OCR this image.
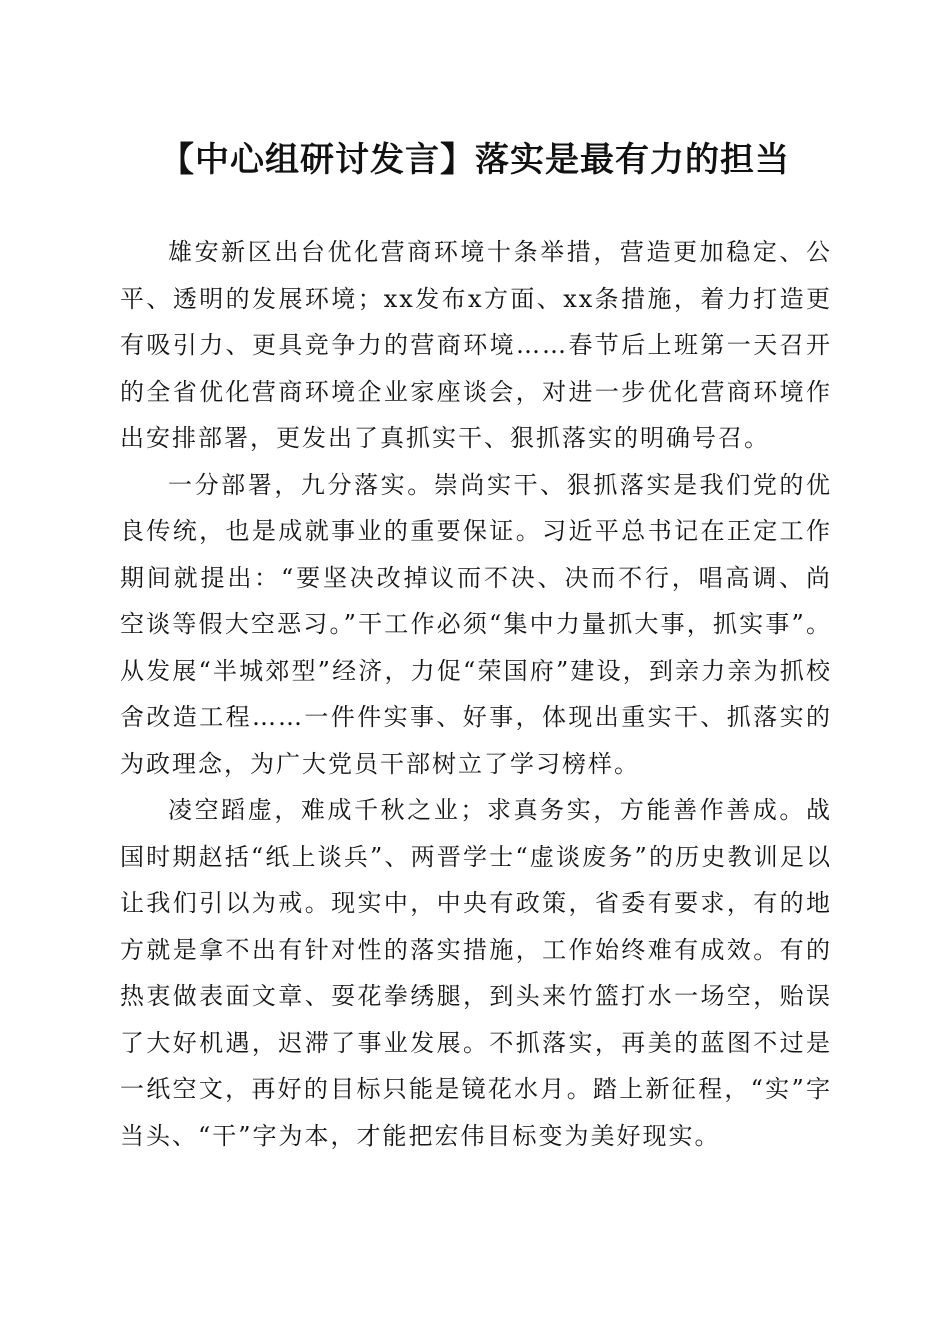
【中心组研讨发言】落实是最有力的担当

雄安新区出台优化营商环境十条举措，营造更加稳定、公平、透明的发展环境；xx发布x方面、xx条措施，着力打造更有吸引力、更具竞争力的营商环境……春节后上班第一天召开的全省优化营商环境企业家座谈会，对进一步优化营商环境作出安排部署，更发出了真抓实干、狠抓落实的明确号召。

一分部署，九分落实。崇尚实干、狠抓落实是我们党的优良传统，也是成就事业的重要保证。习近平总书记在正定工作期间就提出：“要坚决改掉议而不决、决而不行，唱高调、尚空谈等假大空恶习。”干工作必须“集中力量抓大事，抓实事”。从发展“半城郊型”经济，力促“荣国府”建设，到亲力亲为抓校舍改造工程……一件件实事、好事，体现出重实干、抓落实的为政理念，为广大党员干部树立了学习榜样。

凌空蹈虚，难成千秋之业；求真务实，方能善作善成。战国时期赵括“纸上谈兵”、两晋学士“虚谈废务”的历史教训足以让我们引以为戒。现实中，中央有政策，省委有要求，有的地方就是拿不出有针对性的落实措施，工作始终难有成效。有的热衷做表面文章、耍花拳绣腿，到头来竹篮打水一场空，贻误了大好机遇，迟滞了事业发展。不抓落实，再美的蓝图不过是一纸空文，再好的目标只能是镜花水月。踏上新征程，“实”字当头、“干”字为本，才能把宏伟目标变为美好现实。
